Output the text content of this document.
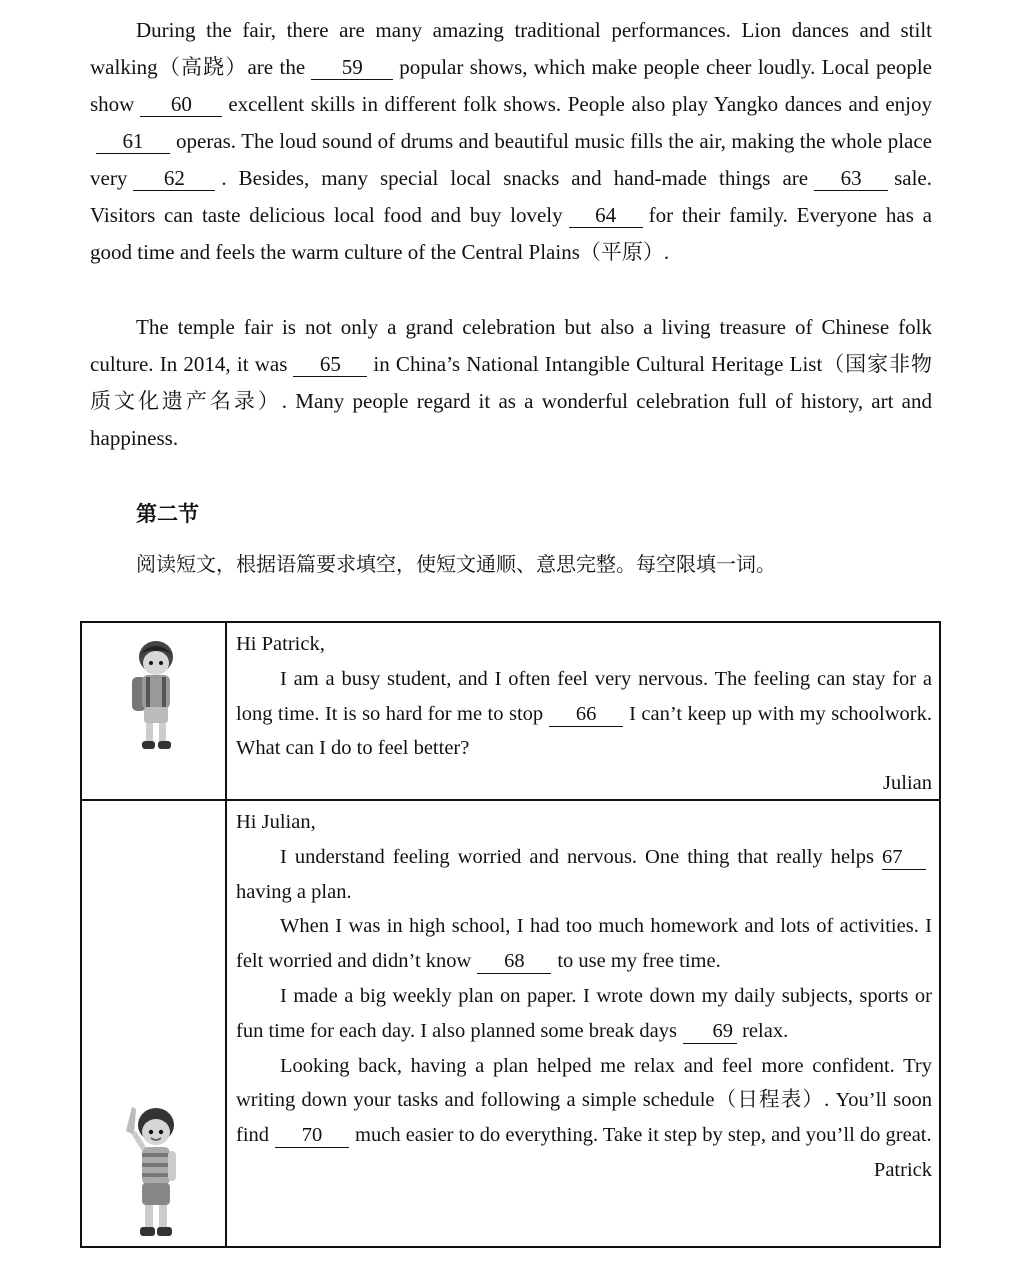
During the fair, there are many amazing traditional performances. Lion dances and stilt walking（高跷）are the 59 popular shows, which make people cheer loudly. Local people show 60 excellent skills in different folk shows. People also play Yangko dances and enjoy61 operas. The loud sound of drums and beautiful music fills the air, making the whole place very 62 . Besides, many special local snacks and hand-made things are 63 sale. Visitors can taste delicious local food and buy lovely 64 for their family. Everyone has a good time and feels the warm culture of the Central Plains（平原）.
The temple fair is not only a grand celebration but also a living treasure of Chinese folk culture. In 2014, it was 65 in China’s National Intangible Cultural Heritage List（国家非物质文化遗产名录）. Many people regard it as a wonderful celebration full of history, art and happiness.
第二节
阅读短文，根据语篇要求填空，使短文通顺、意思完整。每空限填一词。
Hi Patrick,
I am a busy student, and I often feel very nervous. The feeling can stay for a long time. It is so hard for me to stop 66 I can’t keep up with my schoolwork. What can I do to feel better?
Julian
Hi Julian,
I understand feeling worried and nervous. One thing that really helps 67having a plan.
When I was in high school, I had too much homework and lots of activities. I felt worried and didn’t know 68 to use my free time.
I made a big weekly plan on paper. I wrote down my daily subjects, sports or fun time for each day. I also planned some break days 69 relax.
Looking back, having a plan helped me relax and feel more confident. Try writing down your tasks and following a simple schedule（日程表）. You’ll soon find 70 much easier to do everything. Take it step by step, and you’ll do great.
Patrick
